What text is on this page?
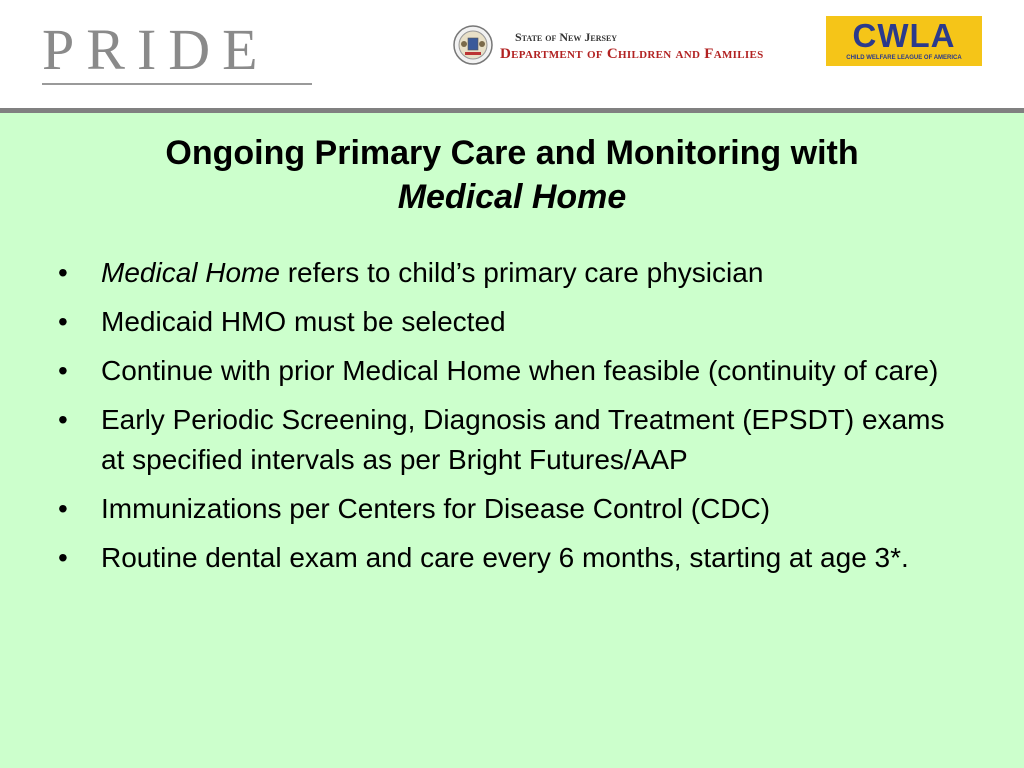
PRIDE	State of New Jersey
Department of Children and Families	CWLA
CHILD WELFARE LEAGUE OF AMERICA
Ongoing Primary Care and Monitoring with
Medical Home
• Medical Home refers to child’s primary care physician
• Medicaid HMO must be selected
• Continue with prior Medical Home when feasible (continuity of care)
• Early Periodic Screening, Diagnosis and Treatment (EPSDT) exams at specified intervals as per Bright Futures/AAP
• Immunizations per Centers for Disease Control (CDC)
• Routine dental exam and care every 6 months, starting at age 3*.
